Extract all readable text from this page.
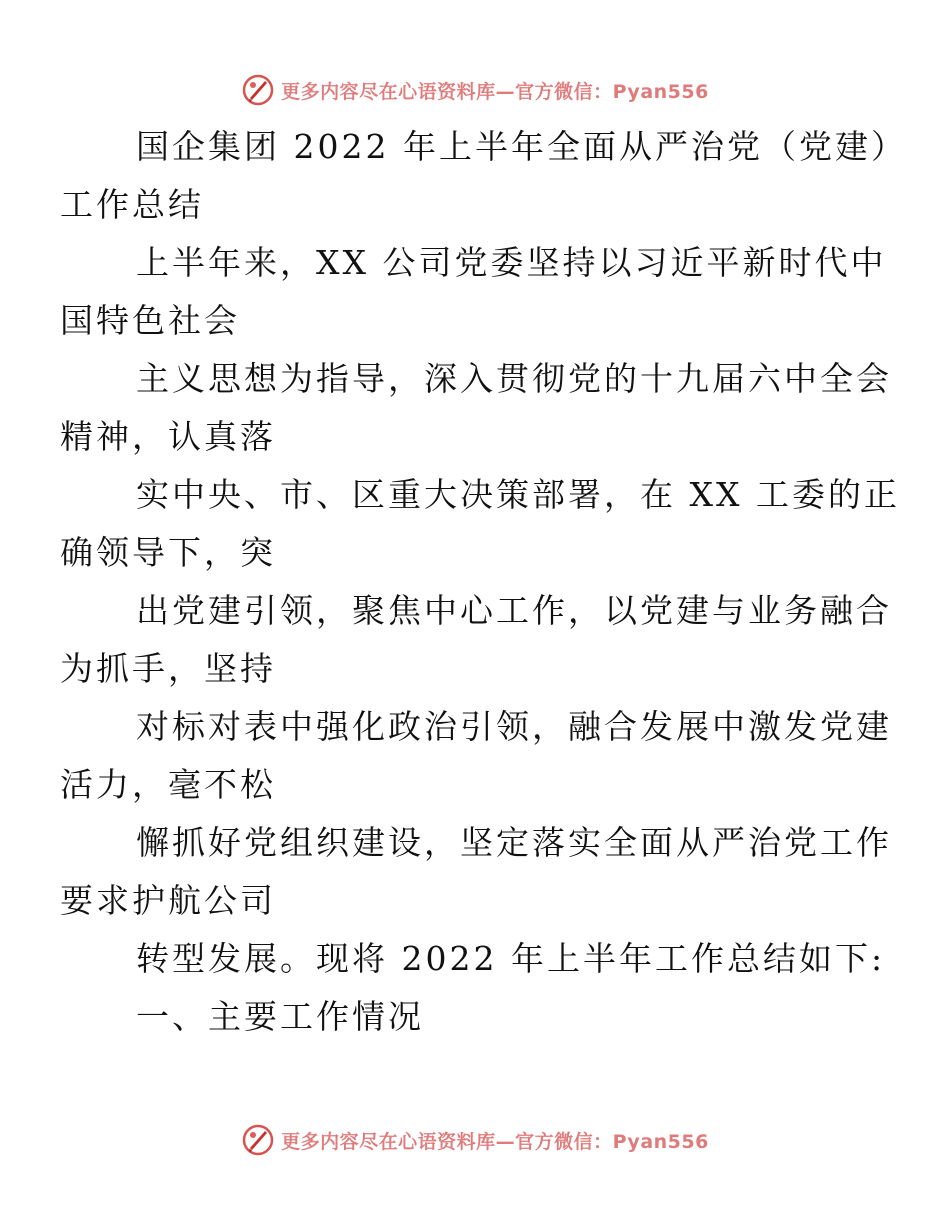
更多内容尽在心语资料库—官方微信：Pyan556

国企集团 2022 年上半年全面从严治党（党建）
工作总结

上半年来，XX 公司党委坚持以习近平新时代中
国特色社会

主义思想为指导，深入贯彻党的十九届六中全会
精神，认真落

实中央、市、区重大决策部署，在 XX 工委的正
确领导下，突

出党建引领，聚焦中心工作，以党建与业务融合
为抓手，坚持

对标对表中强化政治引领，融合发展中激发党建
活力，毫不松

懈抓好党组织建设，坚定落实全面从严治党工作
要求护航公司

转型发展。现将 2022 年上半年工作总结如下:

一、主要工作情况

更多内容尽在心语资料库—官方微信：Pyan556
